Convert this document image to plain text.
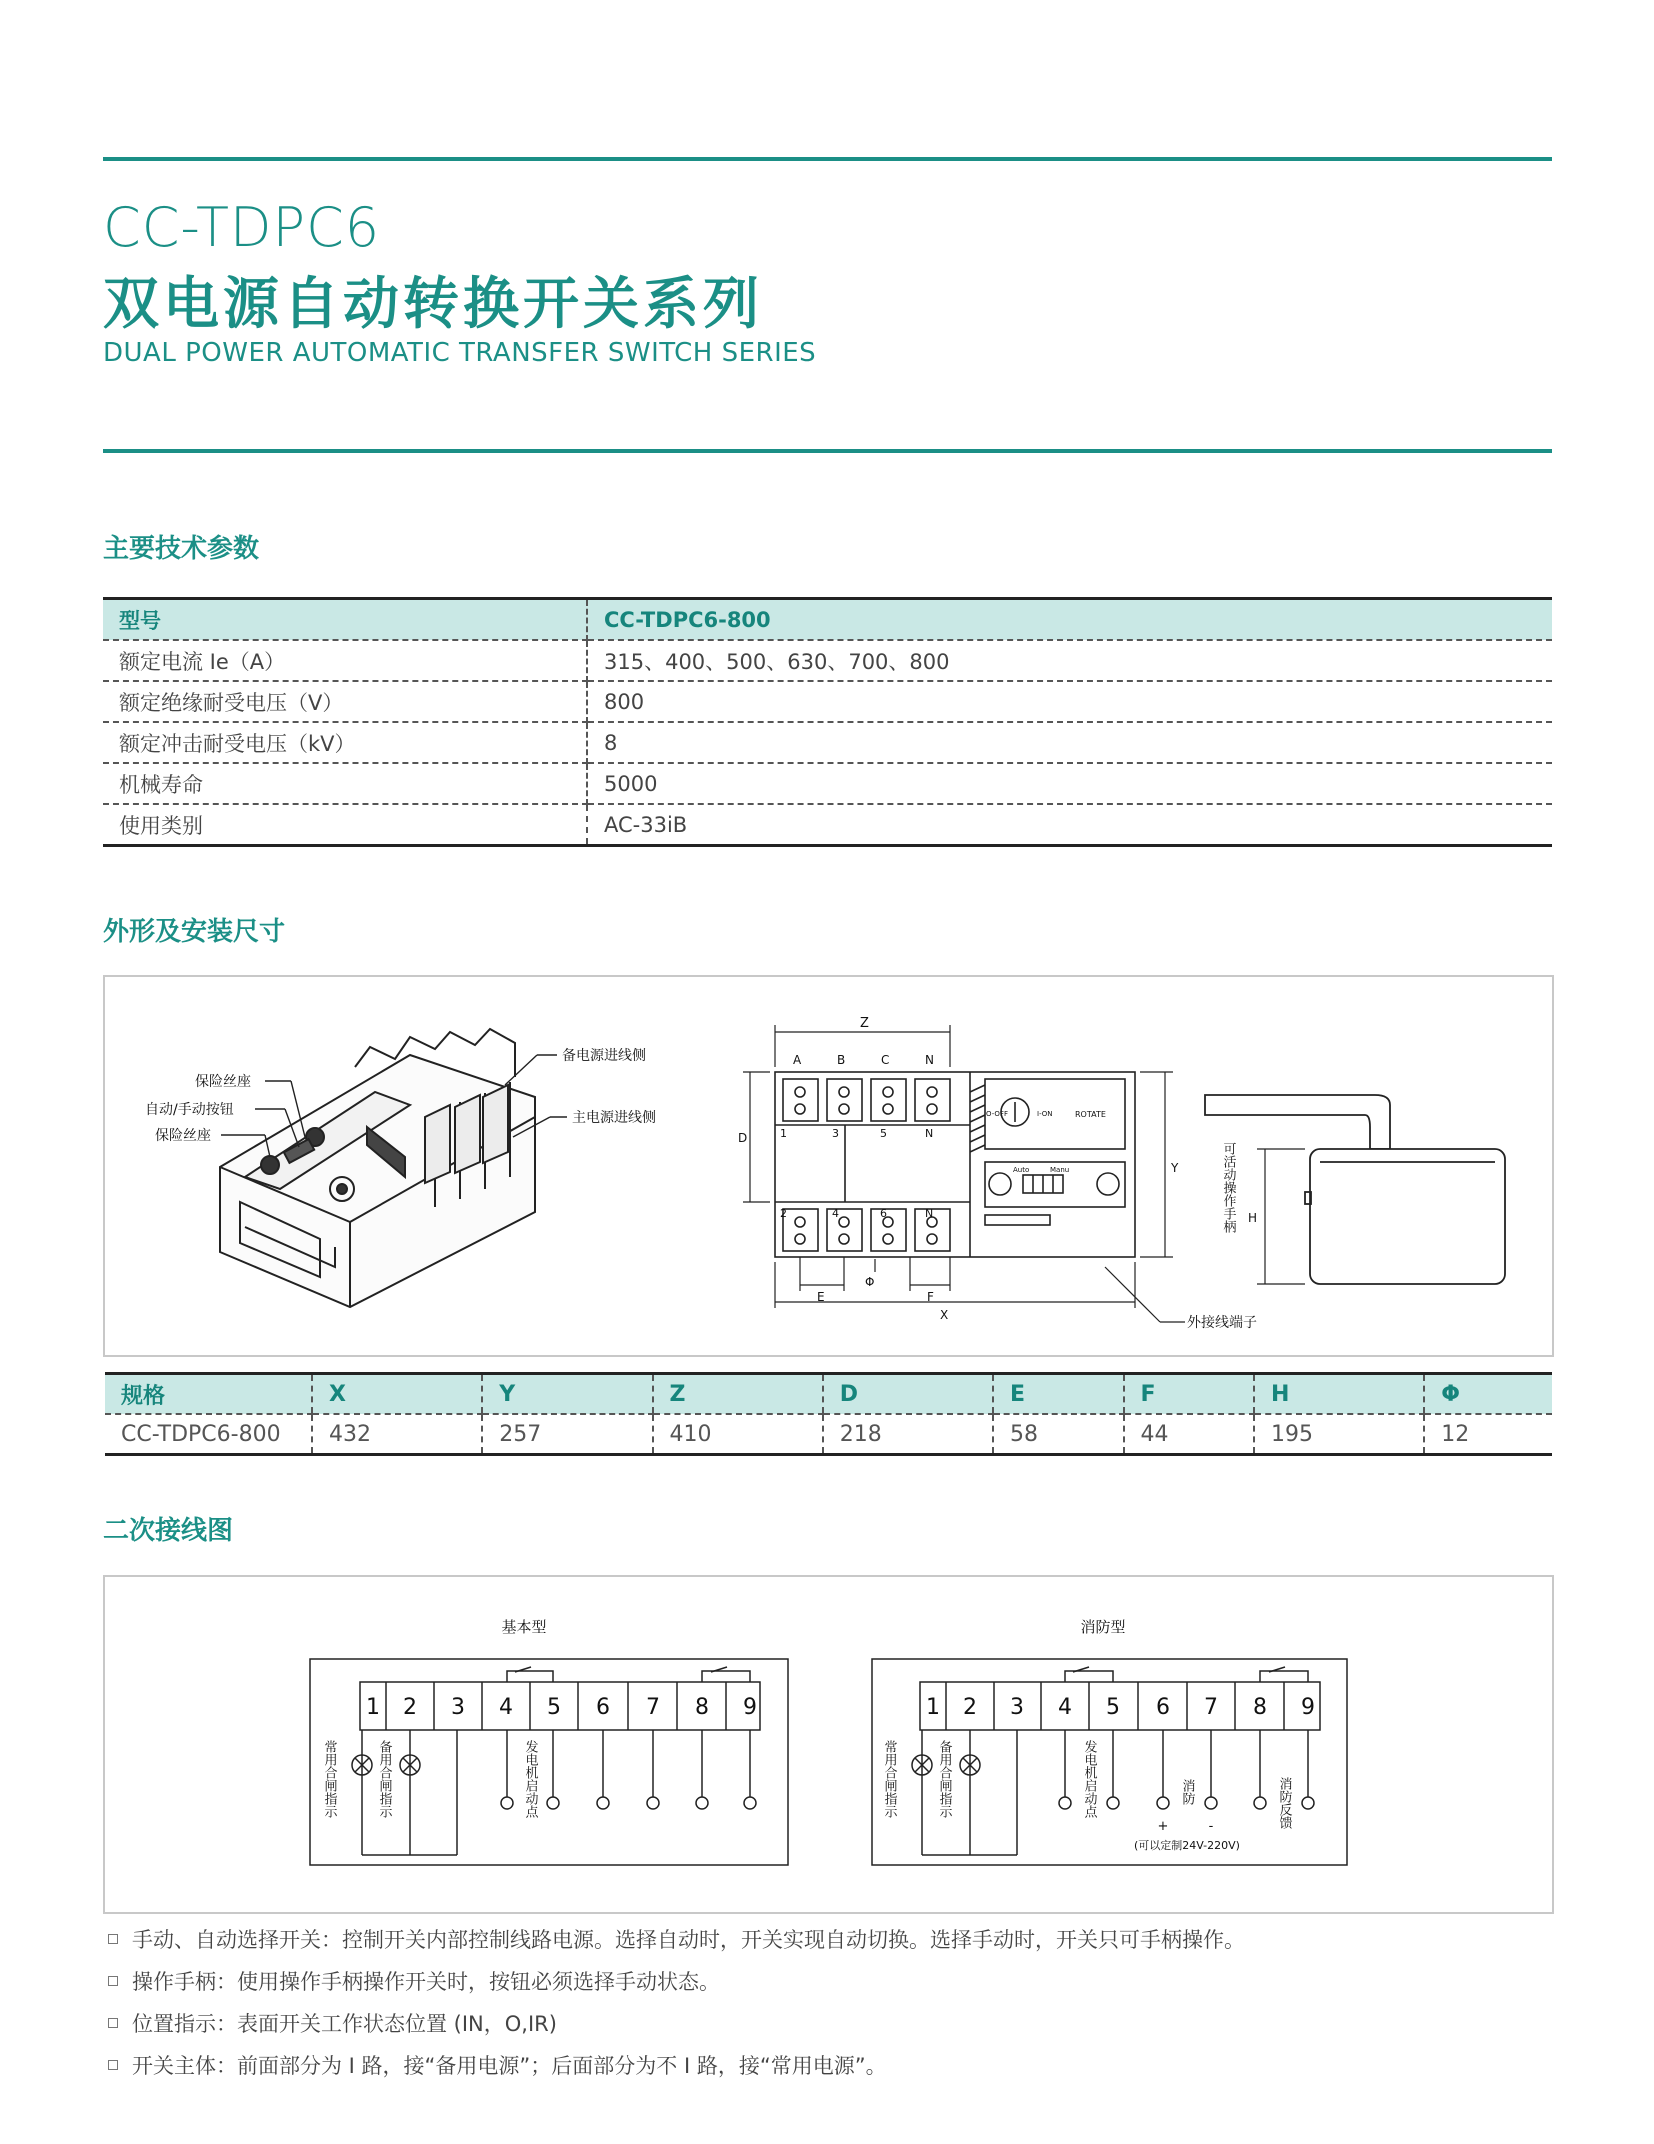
CC-TDPC6
双电源自动转换开关系列
DUAL POWER AUTOMATIC TRANSFER SWITCH SERIES
主要技术参数
型号	CC-TDPC6-800
额定电流 Ie（A）	315、400、500、630、700、800
额定绝缘耐受电压（V）	800
额定冲击耐受电压（kV）	8
机械寿命	5000
使用类别	AC-33iB
外形及安装尺寸
保险丝座
自动/手动按钮
保险丝座
备电源进线侧
主电源进线侧
Z
A	B	C	N
1	3	5	N
2	4	6	N
D
Y
E	F
Φ
X
ROTATE
I-ON
O-OFF
Auto	Manu
外接线端子
H
可活动操作手柄
规格	X	Y	Z	D	E	F	H	Φ
CC-TDPC6-800	432	257	410	218	58	44	195	12
二次接线图
基本型
1 2 3 4 5 6 7 8 9
常用合闸指示	备用合闸指示	发电机启动点
消防型
1 2 3 4 5 6 7 8 9
常用合闸指示	备用合闸指示	发电机启动点	消防
+	-
(可以定制24V-220V)
消防反馈
手动、自动选择开关：控制开关内部控制线路电源。选择自动时，开关实现自动切换。选择手动时，开关只可手柄操作。
操作手柄：使用操作手柄操作开关时，按钮必须选择手动状态。
位置指示：表面开关工作状态位置 (IN，O,IR)
开关主体：前面部分为 I 路，接“备用电源”；后面部分为不 I 路，接“常用电源”。
